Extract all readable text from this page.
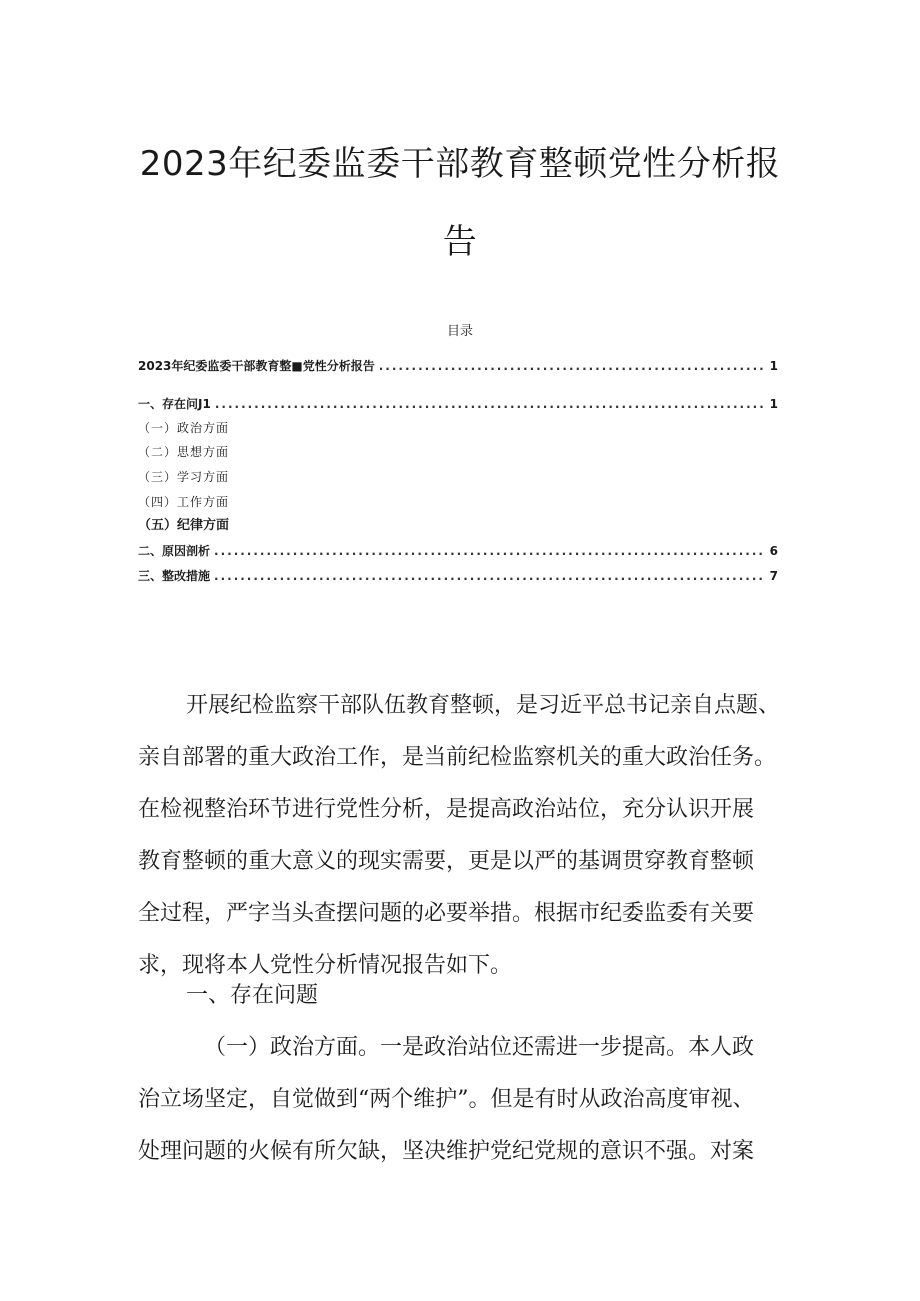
2023年纪委监委干部教育整顿党性分析报
告
目录
2023年纪委监委干部教育整■党性分析报告 .....	1
一、存在问J1 .....	1
（一）政治方面
（二）思想方面
（三）学习方面
（四）工作方面
（五）纪律方面
二、原因剖析 .....	6
三、整改措施 .....	7
开展纪检监察干部队伍教育整顿，是习近平总书记亲自点题、
亲自部署的重大政治工作，是当前纪检监察机关的重大政治任务。
在检视整治环节进行党性分析，是提高政治站位，充分认识开展
教育整顿的重大意义的现实需要，更是以严的基调贯穿教育整顿
全过程，严字当头查摆问题的必要举措。根据市纪委监委有关要
求，现将本人党性分析情况报告如下。
一、存在问题
（一）政治方面。一是政治站位还需进一步提高。本人政
治立场坚定，自觉做到“两个维护”。但是有时从政治高度审视、
处理问题的火候有所欠缺，坚决维护党纪党规的意识不强。对案
